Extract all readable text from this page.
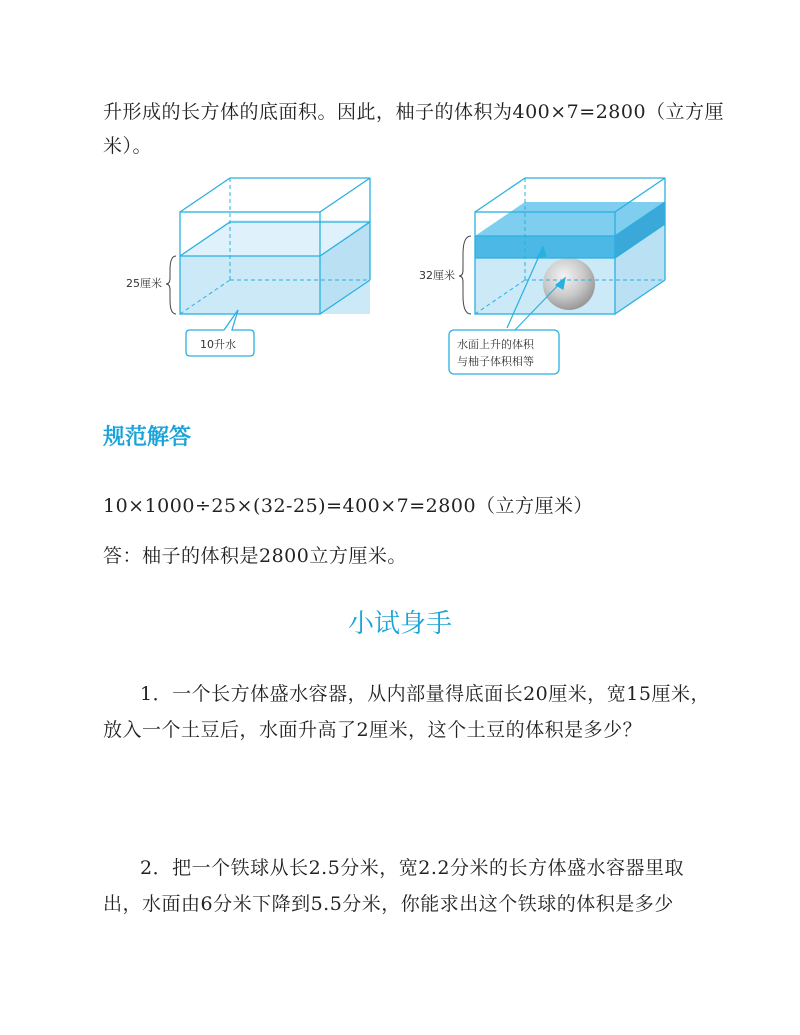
升形成的长方体的底面积。因此，柚子的体积为400×7=2800（立方厘
米）。
25厘米
10升水
32厘米
水面上升的体积
与柚子体积相等
规范解答
10×1000÷25×(32-25)=400×7=2800（立方厘米）
答：柚子的体积是2800立方厘米。
小试身手
1．一个长方体盛水容器，从内部量得底面长20厘米，宽15厘米，
放入一个土豆后，水面升高了2厘米，这个土豆的体积是多少？
2．把一个铁球从长2.5分米，宽2.2分米的长方体盛水容器里取
出，水面由6分米下降到5.5分米，你能求出这个铁球的体积是多少
